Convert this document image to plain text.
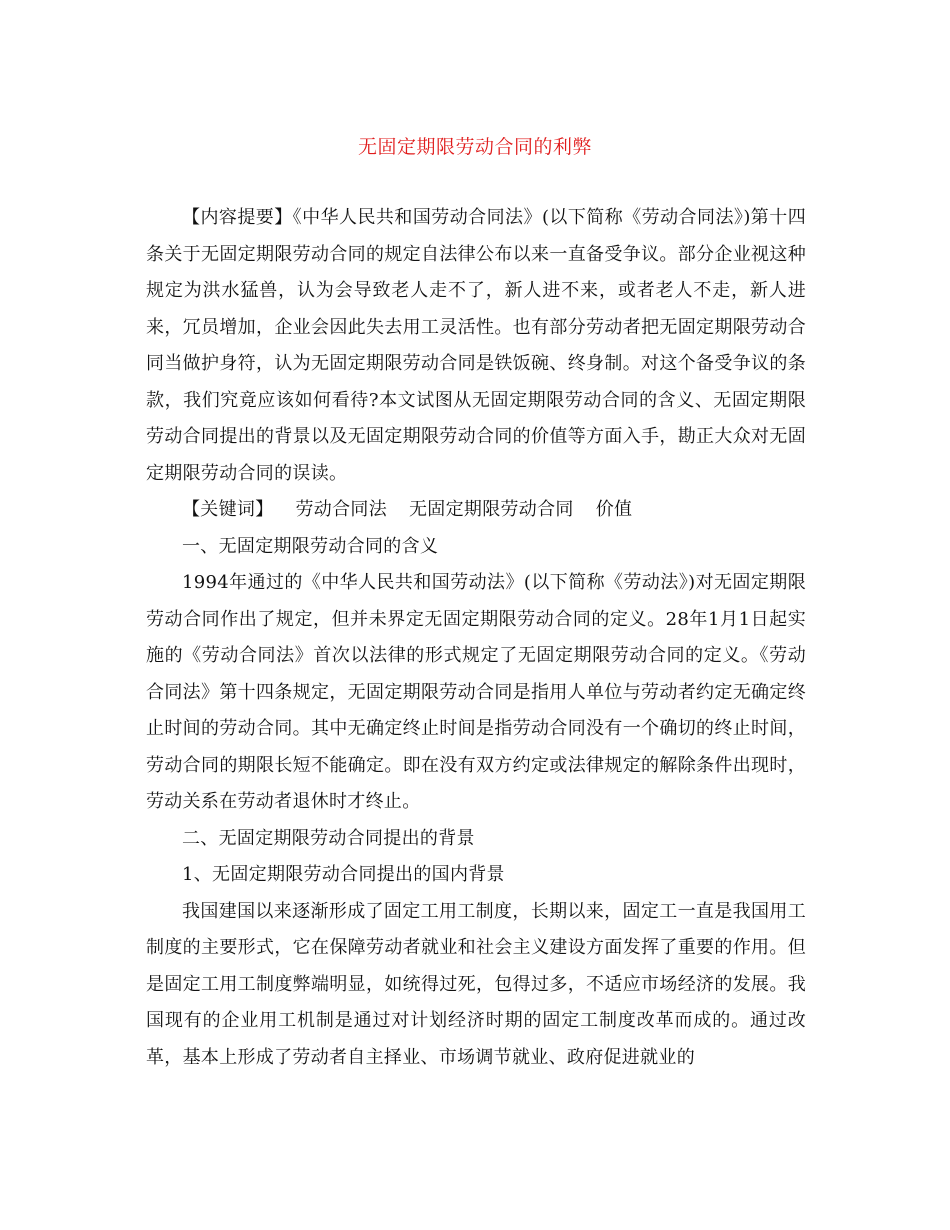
无固定期限劳动合同的利弊

【内容提要】《中华人民共和国劳动合同法》(以下简称《劳动合同法》)第十四条关于无固定期限劳动合同的规定自法律公布以来一直备受争议。部分企业视这种规定为洪水猛兽，认为会导致老人走不了，新人进不来，或者老人不走，新人进来，冗员增加，企业会因此失去用工灵活性。也有部分劳动者把无固定期限劳动合同当做护身符，认为无固定期限劳动合同是铁饭碗、终身制。对这个备受争议的条款，我们究竟应该如何看待?本文试图从无固定期限劳动合同的含义、无固定期限劳动合同提出的背景以及无固定期限劳动合同的价值等方面入手，勘正大众对无固定期限劳动合同的误读。

【关键词】 劳动合同法 无固定期限劳动合同 价值

一、无固定期限劳动合同的含义

1994年通过的《中华人民共和国劳动法》(以下简称《劳动法》)对无固定期限劳动合同作出了规定，但并未界定无固定期限劳动合同的定义。28年1月1日起实施的《劳动合同法》首次以法律的形式规定了无固定期限劳动合同的定义。《劳动合同法》第十四条规定，无固定期限劳动合同是指用人单位与劳动者约定无确定终止时间的劳动合同。其中无确定终止时间是指劳动合同没有一个确切的终止时间，劳动合同的期限长短不能确定。即在没有双方约定或法律规定的解除条件出现时，劳动关系在劳动者退休时才终止。

二、无固定期限劳动合同提出的背景

1、无固定期限劳动合同提出的国内背景

我国建国以来逐渐形成了固定工用工制度，长期以来，固定工一直是我国用工制度的主要形式，它在保障劳动者就业和社会主义建设方面发挥了重要的作用。但是固定工用工制度弊端明显，如统得过死，包得过多，不适应市场经济的发展。我国现有的企业用工机制是通过对计划经济时期的固定工制度改革而成的。通过改革，基本上形成了劳动者自主择业、市场调节就业、政府促进就业的
